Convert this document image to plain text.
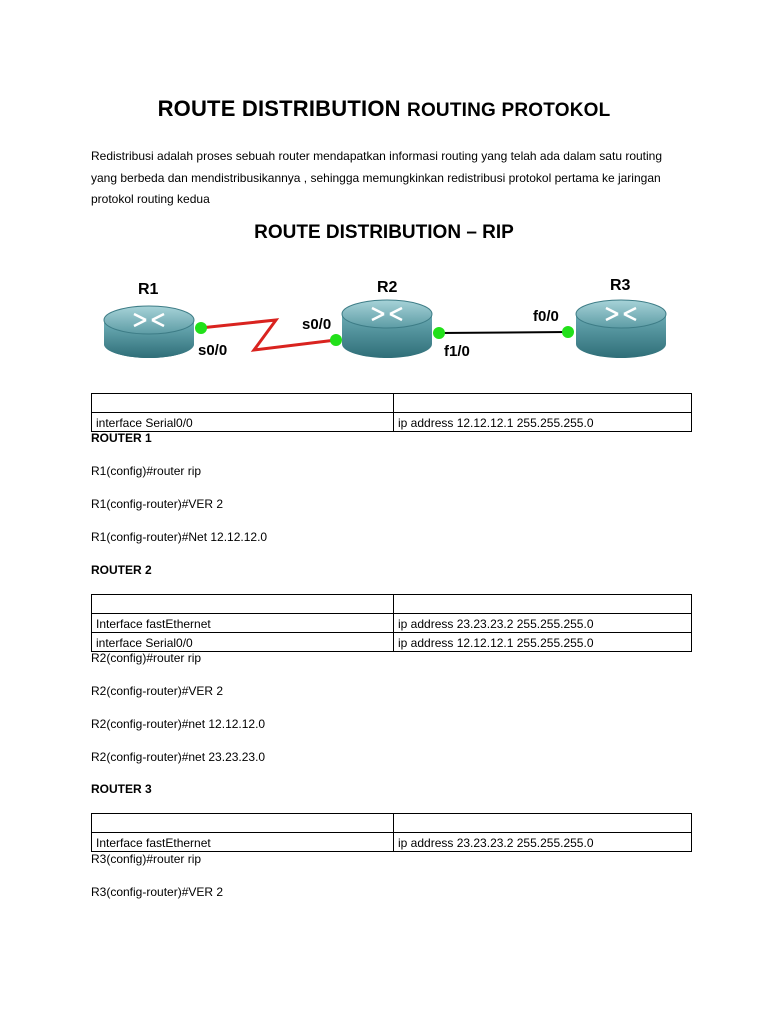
ROUTE DISTRIBUTION ROUTING PROTOKOL
Redistribusi adalah proses sebuah router mendapatkan informasi routing yang telah ada dalam satu routing yang berbeda dan mendistribusikannya , sehingga memungkinkan redistribusi protokol pertama ke jaringan protokol routing kedua
ROUTE DISTRIBUTION – RIP
R1	R2	R3
s0/0
s0/0
f1/0
f0/0

interface Serial0/0	ip address 12.12.12.1 255.255.255.0
ROUTER 1
R1(config)#router rip
R1(config-router)#VER 2
R1(config-router)#Net 12.12.12.0
ROUTER 2

Interface fastEthernet	ip address 23.23.23.2 255.255.255.0
interface Serial0/0	ip address 12.12.12.1 255.255.255.0
R2(config)#router rip
R2(config-router)#VER 2
R2(config-router)#net 12.12.12.0
R2(config-router)#net 23.23.23.0
ROUTER 3

Interface fastEthernet	ip address 23.23.23.2 255.255.255.0
R3(config)#router rip
R3(config-router)#VER 2
